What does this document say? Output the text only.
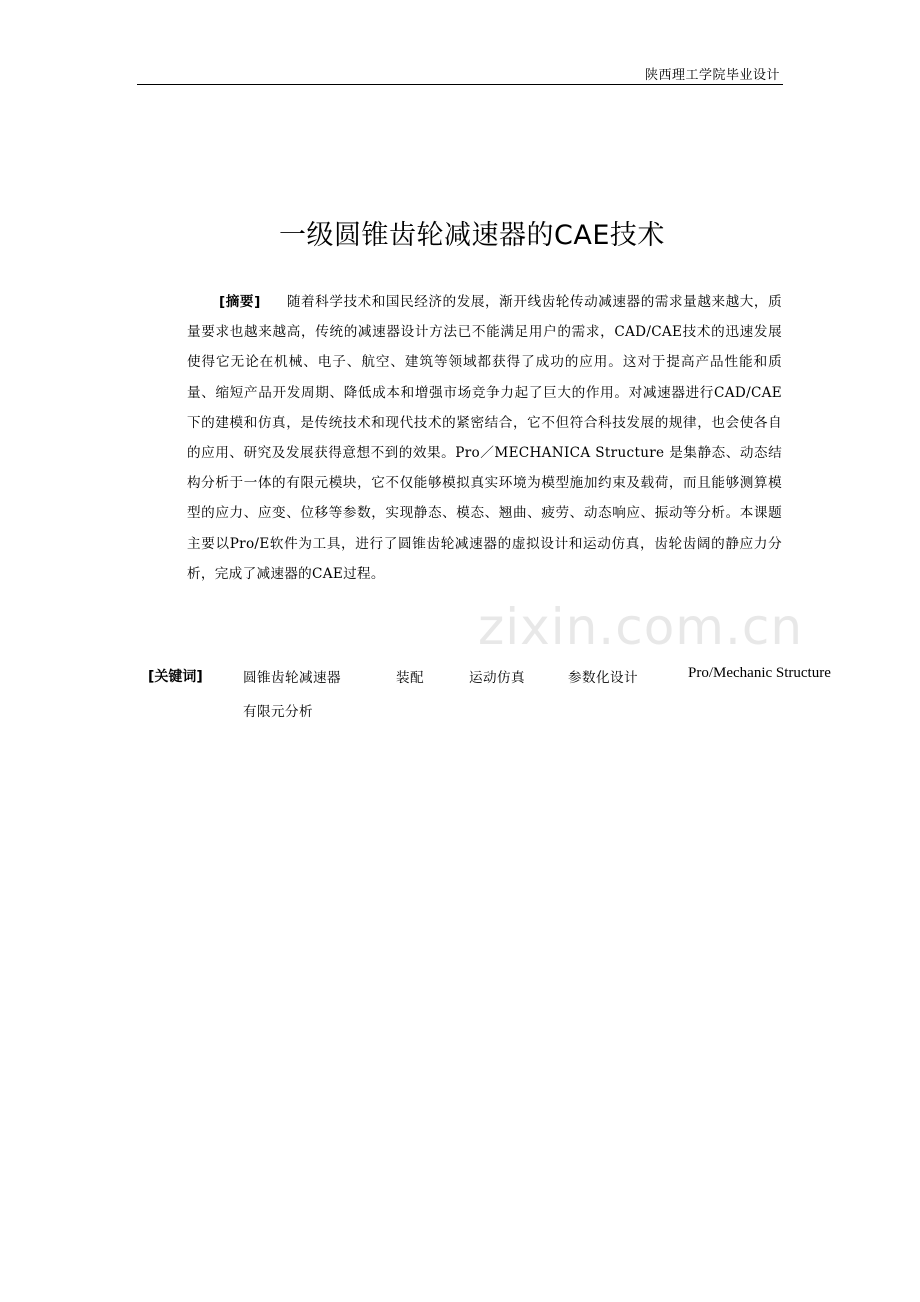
陕西理工学院毕业设计
一级圆锥齿轮减速器的CAE技术
[摘要] 随着科学技术和国民经济的发展，渐开线齿轮传动减速器的需求量越来越大，质量要求也越来越高，传统的减速器设计方法已不能满足用户的需求，CAD/CAE技术的迅速发展使得它无论在机械、电子、航空、建筑等领域都获得了成功的应用。这对于提高产品性能和质量、缩短产品开发周期、降低成本和增强市场竞争力起了巨大的作用。对减速器进行CAD/CAE下的建模和仿真，是传统技术和现代技术的紧密结合，它不但符合科技发展的规律，也会使各自的应用、研究及发展获得意想不到的效果。Pro／MECHANICA Structure 是集静态、动态结构分析于一体的有限元模块，它不仅能够模拟真实环境为模型施加约束及载荷，而且能够测算模型的应力、应变、位移等参数，实现静态、模态、翘曲、疲劳、动态响应、振动等分析。本课题主要以Pro/E软件为工具，进行了圆锥齿轮减速器的虚拟设计和运动仿真，齿轮齿阔的静应力分析，完成了减速器的CAE过程。
zixin.com.cn
[关键词]	圆锥齿轮减速器	装配	运动仿真	参数化设计	Pro/Mechanic Structure
有限元分析
